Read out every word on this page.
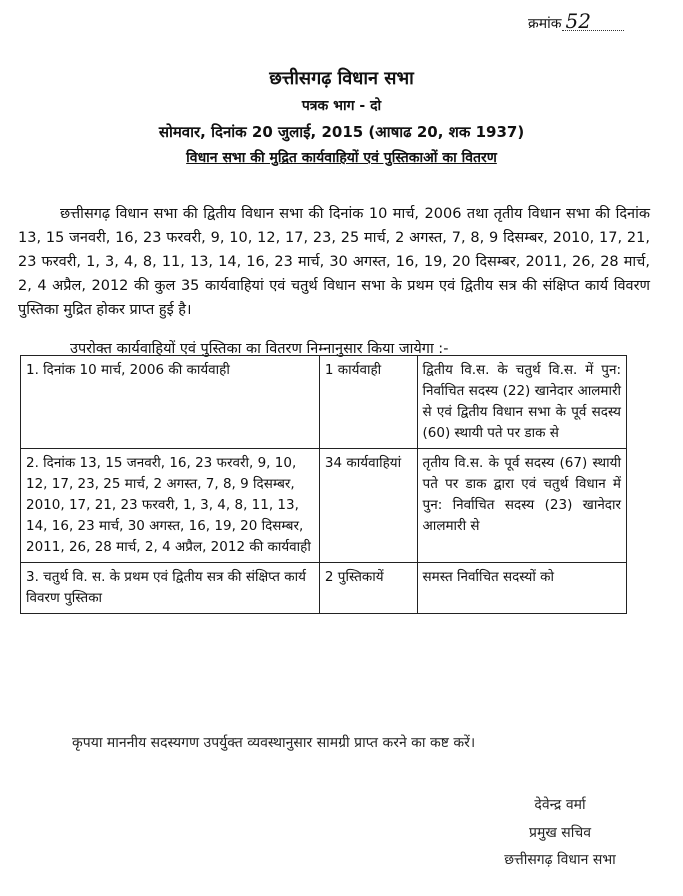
क्रमांक 52
छत्तीसगढ़ विधान सभा
पत्रक भाग - दो
सोमवार, दिनांक 20 जुलाई, 2015 (आषाढ 20, शक 1937)
विधान सभा की मुद्रित कार्यवाहियों एवं पुस्तिकाओं का वितरण
छत्तीसगढ़ विधान सभा की द्वितीय विधान सभा की दिनांक 10 मार्च, 2006 तथा तृतीय विधान सभा की दिनांक 13, 15 जनवरी, 16, 23 फरवरी, 9, 10, 12, 17, 23, 25 मार्च, 2 अगस्त, 7, 8, 9 दिसम्बर, 2010, 17, 21, 23 फरवरी, 1, 3, 4, 8, 11, 13, 14, 16, 23 मार्च, 30 अगस्त, 16, 19, 20 दिसम्बर, 2011, 26, 28 मार्च, 2, 4 अप्रैल, 2012 की कुल 35 कार्यवाहियां एवं चतुर्थ विधान सभा के प्रथम एवं द्वितीय सत्र की संक्षिप्त कार्य विवरण पुस्तिका मुद्रित होकर प्राप्त हुई है।
उपरोक्त कार्यवाहियों एवं पुस्तिका का वितरण निम्नानुसार किया जायेगा :-
1. दिनांक 10 मार्च, 2006 की कार्यवाही	1 कार्यवाही	द्वितीय वि.स. के चतुर्थ वि.स. में पुन: निर्वाचित सदस्य (22) खानेदार आलमारी से एवं द्वितीय विधान सभा के पूर्व सदस्य (60) स्थायी पते पर डाक से
2. दिनांक 13, 15 जनवरी, 16, 23 फरवरी, 9, 10, 12, 17, 23, 25 मार्च, 2 अगस्त, 7, 8, 9 दिसम्बर, 2010, 17, 21, 23 फरवरी, 1, 3, 4, 8, 11, 13, 14, 16, 23 मार्च, 30 अगस्त, 16, 19, 20 दिसम्बर, 2011, 26, 28 मार्च, 2, 4 अप्रैल, 2012 की कार्यवाही	34 कार्यवाहियां	तृतीय वि.स. के पूर्व सदस्य (67) स्थायी पते पर डाक द्वारा एवं चतुर्थ विधान में पुन: निर्वाचित सदस्य (23) खानेदार आलमारी से
3. चतुर्थ वि. स. के प्रथम एवं द्वितीय सत्र की संक्षिप्त कार्य विवरण पुस्तिका	2 पुस्तिकायें	समस्त निर्वाचित सदस्यों को
कृपया माननीय सदस्यगण उपर्युक्त व्यवस्थानुसार सामग्री प्राप्त करने का कष्ट करें।
देवेन्द्र वर्मा
प्रमुख सचिव
छत्तीसगढ़ विधान सभा
